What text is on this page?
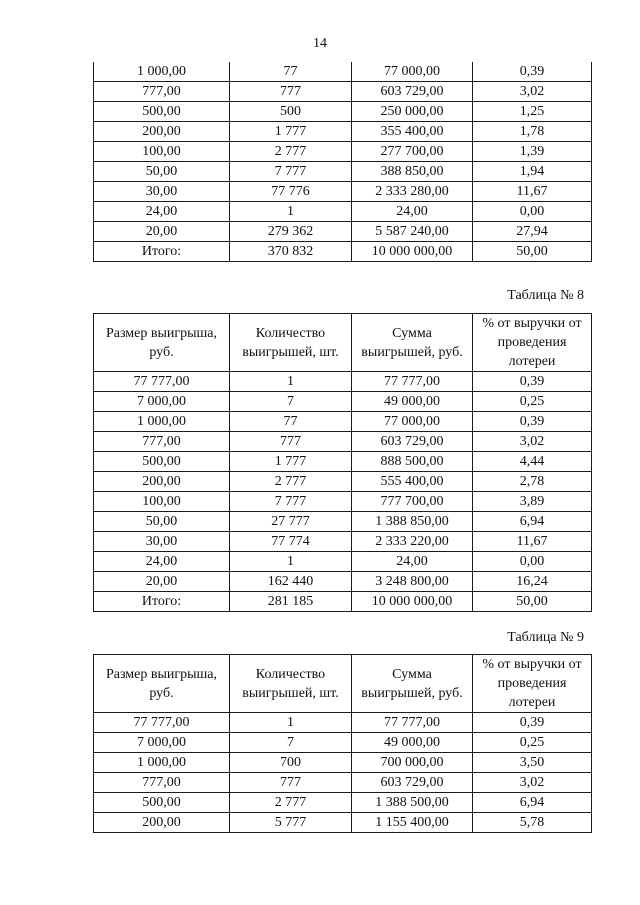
14
1 000,00	77	77 000,00	0,39
777,00	777	603 729,00	3,02
500,00	500	250 000,00	1,25
200,00	1 777	355 400,00	1,78
100,00	2 777	277 700,00	1,39
50,00	7 777	388 850,00	1,94
30,00	77 776	2 333 280,00	11,67
24,00	1	24,00	0,00
20,00	279 362	5 587 240,00	27,94
Итого:	370 832	10 000 000,00	50,00
Таблица № 8
Размер выигрыша, руб.	Количество выигрышей, шт.	Сумма выигрышей, руб.	% от выручки от проведения лотереи
77 777,00	1	77 777,00	0,39
7 000,00	7	49 000,00	0,25
1 000,00	77	77 000,00	0,39
777,00	777	603 729,00	3,02
500,00	1 777	888 500,00	4,44
200,00	2 777	555 400,00	2,78
100,00	7 777	777 700,00	3,89
50,00	27 777	1 388 850,00	6,94
30,00	77 774	2 333 220,00	11,67
24,00	1	24,00	0,00
20,00	162 440	3 248 800,00	16,24
Итого:	281 185	10 000 000,00	50,00
Таблица № 9
Размер выигрыша, руб.	Количество выигрышей, шт.	Сумма выигрышей, руб.	% от выручки от проведения лотереи
77 777,00	1	77 777,00	0,39
7 000,00	7	49 000,00	0,25
1 000,00	700	700 000,00	3,50
777,00	777	603 729,00	3,02
500,00	2 777	1 388 500,00	6,94
200,00	5 777	1 155 400,00	5,78
